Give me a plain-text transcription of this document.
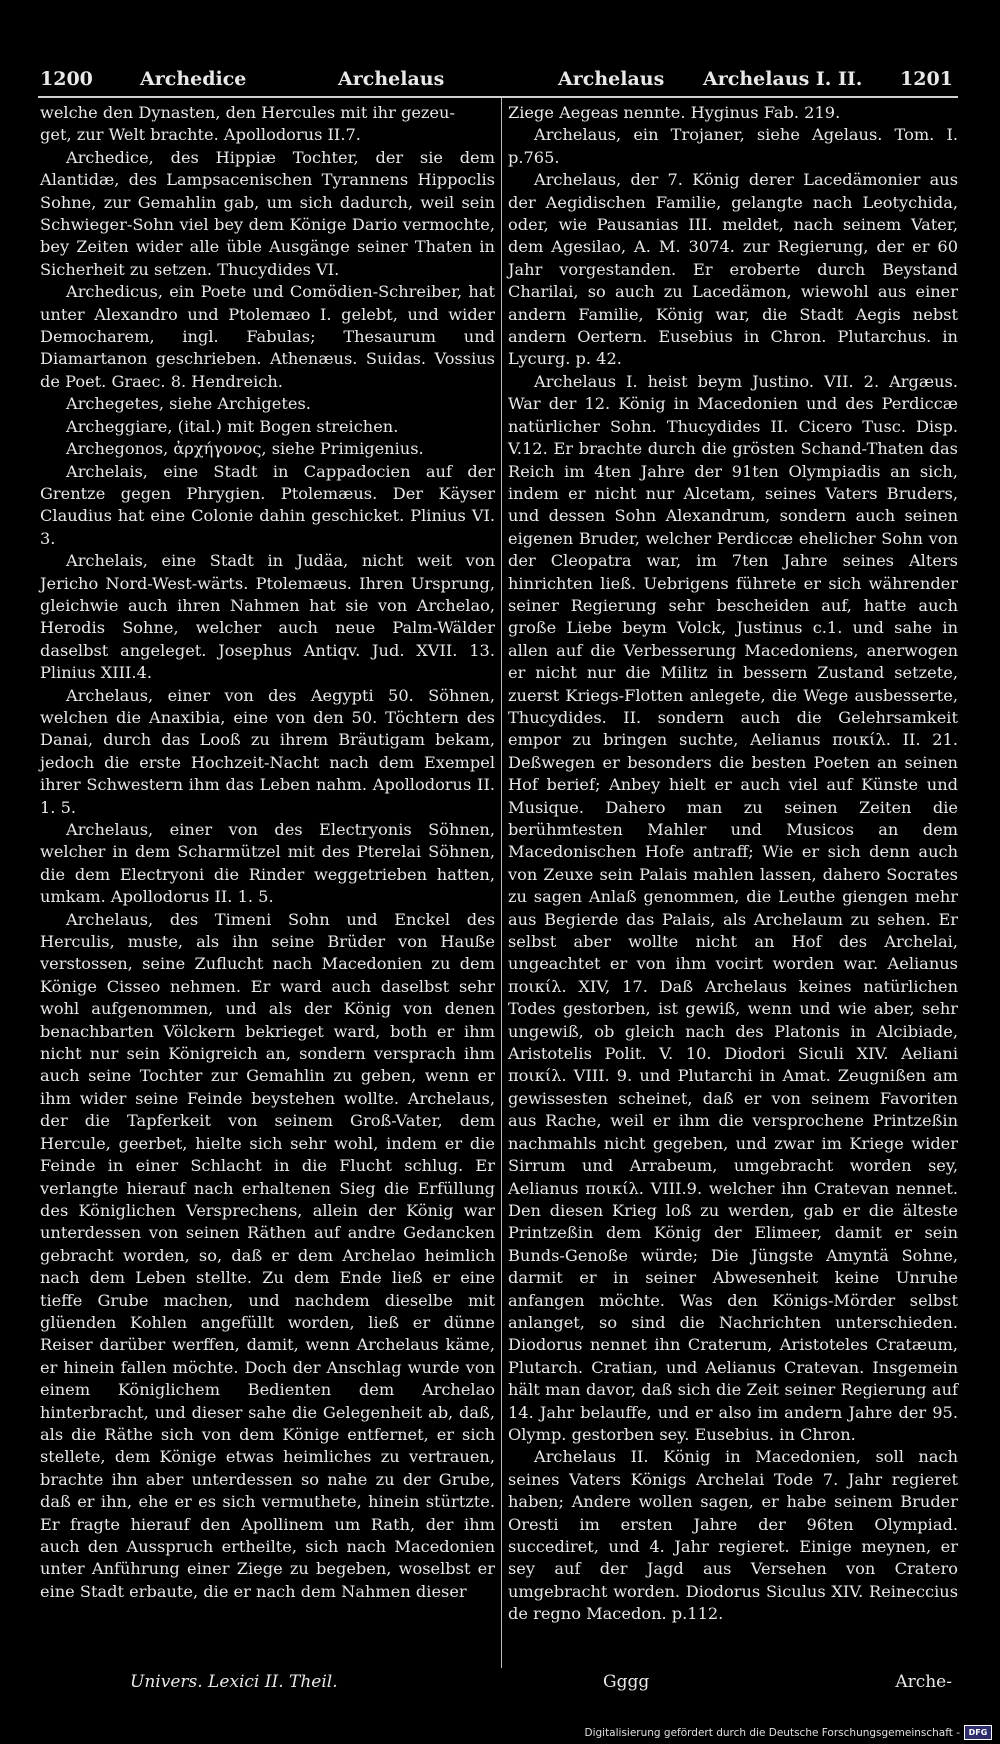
1200 Archedice	Archelaus	Archelaus Archelaus I. II. 1201

welche den Dynasten, den Hercules mit ihr gezeu-

get, zur Welt brachte. Apollodorus II.7.

Archedice, des Hippiæ Tochter, der sie dem Alantidæ, des Lampsacenischen Tyrannens Hippoclis Sohne, zur Gemahlin gab, um sich dadurch, weil sein Schwieger-Sohn viel bey dem Könige Dario vermochte, bey Zeiten wider alle üble Ausgänge seiner Thaten in Sicherheit zu setzen. Thucydides VI.

Archedicus, ein Poete und Comödien-Schreiber, hat unter Alexandro und Ptolemæo I. gelebt, und wider Democharem, ingl. Fabulas; Thesaurum und Diamartanon geschrieben. Athenæus. Suidas. Vossius de Poet. Graec. 8. Hendreich.

Archegetes, siehe Archigetes.

Archeggiare, (ital.) mit Bogen streichen.

Archegonos, ἀρχήγονος, siehe Primigenius.

Archelais, eine Stadt in Cappadocien auf der Grentze gegen Phrygien. Ptolemæus. Der Käyser Claudius hat eine Colonie dahin geschicket. Plinius VI. 3.

Archelais, eine Stadt in Judäa, nicht weit von Jericho Nord-West-wärts. Ptolemæus. Ihren Ursprung, gleichwie auch ihren Nahmen hat sie von Archelao, Herodis Sohne, welcher auch neue Palm-Wälder daselbst angeleget. Josephus Antiqv. Jud. XVII. 13. Plinius XIII.4.

Archelaus, einer von des Aegypti 50. Söhnen, welchen die Anaxibia, eine von den 50. Töchtern des Danai, durch das Looß zu ihrem Bräutigam bekam, jedoch die erste Hochzeit-Nacht nach dem Exempel ihrer Schwestern ihm das Leben nahm. Apollodorus II. 1. 5.

Archelaus, einer von des Electryonis Söhnen, welcher in dem Scharmützel mit des Pterelai Söhnen, die dem Electryoni die Rinder weggetrieben hatten, umkam. Apollodorus II. 1. 5.

Archelaus, des Timeni Sohn und Enckel des Herculis, muste, als ihn seine Brüder von Hauße verstossen, seine Zuflucht nach Macedonien zu dem Könige Cisseo nehmen. Er ward auch daselbst sehr wohl aufgenommen, und als der König von denen benachbarten Völckern bekrieget ward, both er ihm nicht nur sein Königreich an, sondern versprach ihm auch seine Tochter zur Gemahlin zu geben, wenn er ihm wider seine Feinde beystehen wollte. Archelaus, der die Tapferkeit von seinem Groß-Vater, dem Hercule, geerbet, hielte sich sehr wohl, indem er die Feinde in einer Schlacht in die Flucht schlug. Er verlangte hierauf nach erhaltenen Sieg die Erfüllung des Königlichen Versprechens, allein der König war unterdessen von seinen Räthen auf andre Gedancken gebracht worden, so, daß er dem Archelao heimlich nach dem Leben stellte. Zu dem Ende ließ er eine tieffe Grube machen, und nachdem dieselbe mit glüenden Kohlen angefüllt worden, ließ er dünne Reiser darüber werffen, damit, wenn Archelaus käme, er hinein fallen möchte. Doch der Anschlag wurde von einem Königlichem Bedienten dem Archelao hinterbracht, und dieser sahe die Gelegenheit ab, daß, als die Räthe sich von dem Könige entfernet, er sich stellete, dem Könige etwas heimliches zu vertrauen, brachte ihn aber unterdessen so nahe zu der Grube, daß er ihn, ehe er es sich vermuthete, hinein stürtzte. Er fragte hierauf den Apollinem um Rath, der ihm auch den Ausspruch ertheilte, sich nach Macedonien unter Anführung einer Ziege zu begeben, woselbst er eine Stadt erbaute, die er nach dem Nahmen dieser

Ziege Aegeas nennte. Hyginus Fab. 219.

Archelaus, ein Trojaner, siehe Agelaus. Tom. I. p.765.

Archelaus, der 7. König derer Lacedämonier aus der Aegidischen Familie, gelangte nach Leotychida, oder, wie Pausanias III. meldet, nach seinem Vater, dem Agesilao, A. M. 3074. zur Regierung, der er 60 Jahr vorgestanden. Er eroberte durch Beystand Charilai, so auch zu Lacedämon, wiewohl aus einer andern Familie, König war, die Stadt Aegis nebst andern Oertern. Eusebius in Chron. Plutarchus. in Lycurg. p. 42.

Archelaus I. heist beym Justino. VII. 2. Argæus. War der 12. König in Macedonien und des Perdiccæ natürlicher Sohn. Thucydides II. Cicero Tusc. Disp. V.12. Er brachte durch die grösten Schand-Thaten das Reich im 4ten Jahre der 91ten Olympiadis an sich, indem er nicht nur Alcetam, seines Vaters Bruders, und dessen Sohn Alexandrum, sondern auch seinen eigenen Bruder, welcher Perdiccæ ehelicher Sohn von der Cleopatra war, im 7ten Jahre seines Alters hinrichten ließ. Uebrigens führete er sich währender seiner Regierung sehr bescheiden auf, hatte auch große Liebe beym Volck, Justinus c.1. und sahe in allen auf die Verbesserung Macedoniens, anerwogen er nicht nur die Militz in bessern Zustand setzete, zuerst Kriegs-Flotten anlegete, die Wege ausbesserte, Thucydides. II. sondern auch die Gelehrsamkeit empor zu bringen suchte, Aelianus ποικίλ. II. 21. Deßwegen er besonders die besten Poeten an seinen Hof berief; Anbey hielt er auch viel auf Künste und Musique. Dahero man zu seinen Zeiten die berühmtesten Mahler und Musicos an dem Macedonischen Hofe antraff; Wie er sich denn auch von Zeuxe sein Palais mahlen lassen, dahero Socrates zu sagen Anlaß genommen, die Leuthe giengen mehr aus Begierde das Palais, als Archelaum zu sehen. Er selbst aber wollte nicht an Hof des Archelai, ungeachtet er von ihm vocirt worden war. Aelianus ποικίλ. XIV, 17. Daß Archelaus keines natürlichen Todes gestorben, ist gewiß, wenn und wie aber, sehr ungewiß, ob gleich nach des Platonis in Alcibiade, Aristotelis Polit. V. 10. Diodori Siculi XIV. Aeliani ποικίλ. VIII. 9. und Plutarchi in Amat. Zeugnißen am gewissesten scheinet, daß er von seinem Favoriten aus Rache, weil er ihm die versprochene Printzeßin nachmahls nicht gegeben, und zwar im Kriege wider Sirrum und Arrabeum, umgebracht worden sey, Aelianus ποικίλ. VIII.9. welcher ihn Cratevan nennet. Den diesen Krieg loß zu werden, gab er die älteste Printzeßin dem König der Elimeer, damit er sein Bunds-Genoße würde; Die Jüngste Amyntä Sohne, darmit er in seiner Abwesenheit keine Unruhe anfangen möchte. Was den Königs-Mörder selbst anlanget, so sind die Nachrichten unterschieden. Diodorus nennet ihn Craterum, Aristoteles Cratæum, Plutarch. Cratian, und Aelianus Cratevan. Insgemein hält man davor, daß sich die Zeit seiner Regierung auf 14. Jahr belauffe, und er also im andern Jahre der 95. Olymp. gestorben sey. Eusebius. in Chron.

Archelaus II. König in Macedonien, soll nach seines Vaters Königs Archelai Tode 7. Jahr regieret haben; Andere wollen sagen, er habe seinem Bruder Oresti im ersten Jahre der 96ten Olympiad. succediret, und 4. Jahr regieret. Einige meynen, er sey auf der Jagd aus Versehen von Cratero umgebracht worden. Diodorus Siculus XIV. Reineccius de regno Macedon. p.112.

Univers. Lexici II. Theil.	Gggg	Arche-
Digitalisierung gefördert durch die Deutsche Forschungsgemeinschaft -	DFG
